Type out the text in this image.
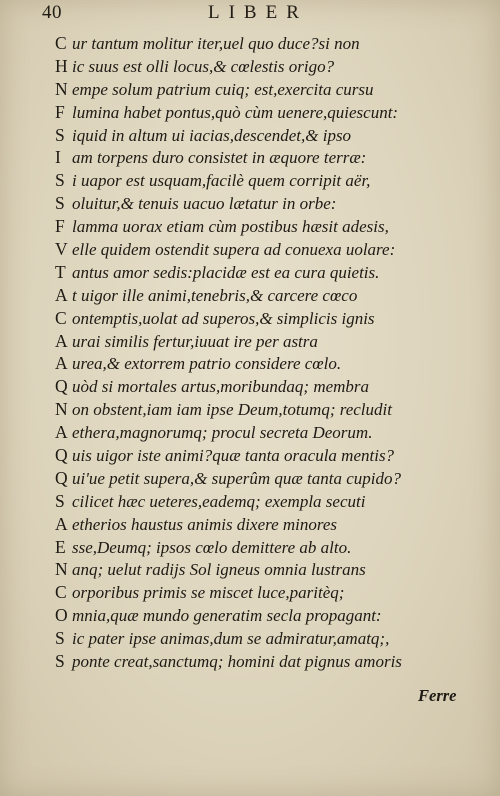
40	LIBER
C ur tantum molitur iter,uel quo duce?si non
H ic suus est olli locus,& cœlestis origo?
N empe solum patrium cuiq; est,exercita cursu
F lumina habet pontus,quò cùm uenere,quiescunt:
S iquid in altum ui iacias,descendet,& ipso
I am torpens duro consistet in æquore terræ:
S i uapor est usquam,facilè quem corripit aër,
S oluitur,& tenuis uacuo lætatur in orbe:
F lamma uorax etiam cùm postibus hæsit adesis,
V elle quidem ostendit supera ad conuexa uolare:
T antus amor sedis:placidæ est ea cura quietis.
A t uigor ille animi,tenebris,& carcere cœco
C ontemptis,uolat ad superos,& simplicis ignis
A urai similis fertur,iuuat ire per astra
A urea,& extorrem patrio considere cœlo.
Q uòd si mortales artus,moribundaq; membra
N on obstent,iam iam ipse Deum,totumq; recludit
A ethera,magnorumq; procul secreta Deorum.
Q uis uigor iste animi?quæ tanta oracula mentis?
Q ui'ue petit supera,& superûm quæ tanta cupido?
S cilicet hæc ueteres,eademq; exempla secuti
A etherios haustus animis dixere minores
E sse,Deumq; ipsos cœlo demittere ab alto.
N anq; uelut radijs Sol igneus omnia lustrans
C orporibus primis se miscet luce,paritèq;
O mnia,quæ mundo generatim secla propagant:
S ic pater ipse animas,dum se admiratur,amatq;,
S ponte creat,sanctumq; homini dat pignus amoris
Ferre
